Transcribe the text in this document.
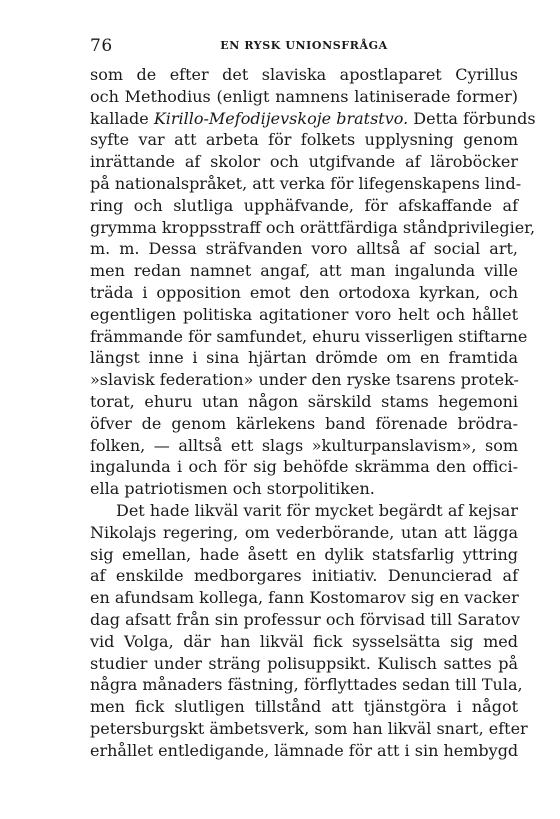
76	EN RYSK UNIONSFRÅGA
som de efter det slaviska apostlaparet Cyrillus
och Methodius (enligt namnens latiniserade former)
kallade Kirillo-Mefodijevskoje bratstvo. Detta förbunds
syfte var att arbeta för folkets upplysning genom
inrättande af skolor och utgifvande af läroböcker
på nationalspråket, att verka för lifegenskapens lind-
ring och slutliga upphäfvande, för afskaffande af
grymma kroppsstraff och orättfärdiga ståndprivilegier,
m. m. Dessa sträfvanden voro alltså af social art,
men redan namnet angaf, att man ingalunda ville
träda i opposition emot den ortodoxa kyrkan, och
egentligen politiska agitationer voro helt och hållet
främmande för samfundet, ehuru visserligen stiftarne
längst inne i sina hjärtan drömde om en framtida
»slavisk federation» under den ryske tsarens protek-
torat, ehuru utan någon särskild stams hegemoni
öfver de genom kärlekens band förenade brödra-
folken, — alltså ett slags »kulturpanslavism», som
ingalunda i och för sig behöfde skrämma den offici-
ella patriotismen och storpolitiken.
Det hade likväl varit för mycket begärdt af kejsar
Nikolajs regering, om vederbörande, utan att lägga
sig emellan, hade åsett en dylik statsfarlig yttring
af enskilde medborgares initiativ. Denuncierad af
en afundsam kollega, fann Kostomarov sig en vacker
dag afsatt från sin professur och förvisad till Saratov
vid Volga, där han likväl fick sysselsätta sig med
studier under sträng polisuppsikt. Kulisch sattes på
några månaders fästning, förflyttades sedan till Tula,
men fick slutligen tillstånd att tjänstgöra i något
petersburgskt ämbetsverk, som han likväl snart, efter
erhållet entledigande, lämnade för att i sin hembygd
